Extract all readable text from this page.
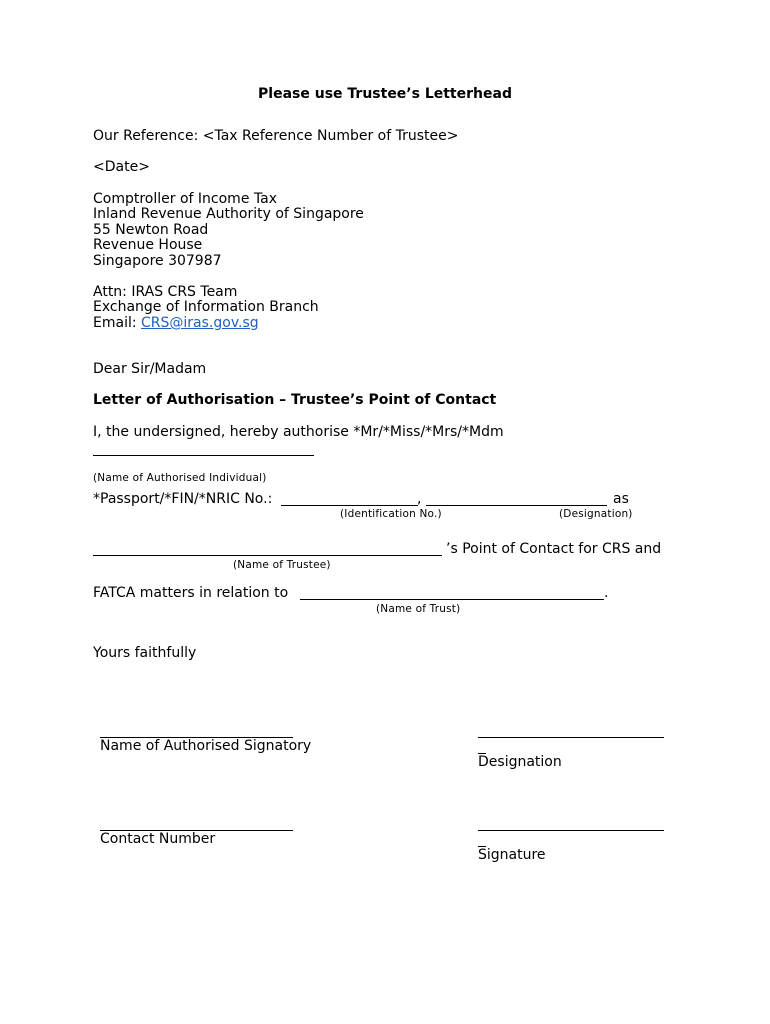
Please use Trustee’s Letterhead
Our Reference: <Tax Reference Number of Trustee>
<Date>
Comptroller of Income Tax
Inland Revenue Authority of Singapore
55 Newton Road
Revenue House
Singapore 307987
Attn: IRAS CRS Team
Exchange of Information Branch
Email: CRS@iras.gov.sg
Dear Sir/Madam
Letter of Authorisation – Trustee’s Point of Contact
I, the undersigned, hereby authorise *Mr/*Miss/*Mrs/*Mdm
(Name of Authorised Individual)
*Passport/*FIN/*NRIC No.:	,	as
(Identification No.)	(Designation)
’s Point of Contact for CRS and
(Name of Trustee)
FATCA matters in relation to	.
(Name of Trust)
Yours faithfully
Name of Authorised Signatory
Designation
Contact Number
Signature
